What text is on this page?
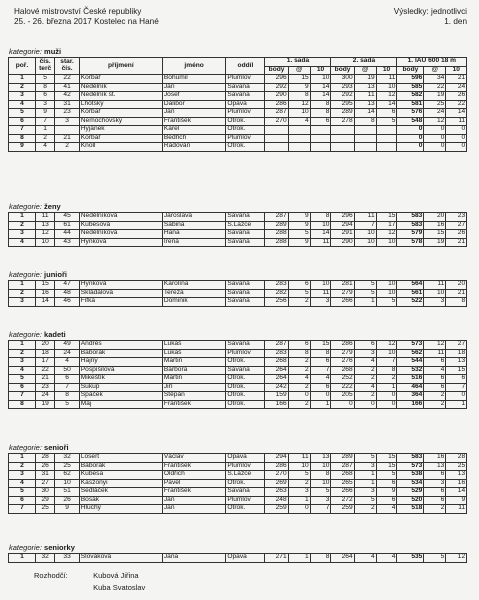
Halové mistrovství České republiky
25. - 26. března 2017 Kostelec na Hané
Výsledky: jednotlivci
1. den
kategorie: muži
poř.	čís. terč	star. čís.	příjmení	jméno	oddíl	1. sada			2. sada			1. IAU 600 18 m		
						body	@	10	body	@	10	body	@	10
1	5	22	Korbař	Bohumil	Plumlov	296	15	10	300	19	11	596	34	21
2	8	41	Nedělník	Jan	Savana	292	9	14	293	13	10	585	22	24
3	6	42	Nedělník st.	Josef	Savana	290	8	14	292	11	12	582	19	26
4	3	31	Lhotský	Dalibor	Opava	286	12	8	295	13	14	581	25	22
5	9	23	Korbař	Jan	Plumlov	287	10	8	289	14	6	576	24	14
6	7	3	Nemochovský	František	Otrok.	270	4	6	278	8	5	548	12	11
7	1		Hyjánek	Karel	Otrok.							0	0	0
8	2	21	Korbař	Bedřich	Plumlov							0	0	0
9	4	2	Knoll	Radovan	Otrok.							0	0	0
kategorie: ženy
1	11	45	Nedělníková	Jaroslava	Savana	287	9	8	296	11	15	583	20	23
2	13	61	Kubesová	Sabina	S.Lazce	289	9	10	294	7	17	583	16	27
3	12	44	Nedělníková	Hana	Savana	288	5	14	291	10	12	579	15	26
4	10	43	Hynková	Irena	Savana	288	9	11	290	10	10	578	19	21
kategorie: junioři
1	15	47	Hynková	Karolína	Savana	283	6	10	281	5	10	564	11	20
2	16	48	Skládalová	Tereza	Savana	282	5	11	279	5	10	561	10	21
3	14	46	Fifka	Dominik	Savana	256	2	3	266	1	5	522	3	8
kategorie: kadeti
1	20	49	Andrés	Lukáš	Savana	287	6	15	286	6	12	573	12	27
2	18	24	Baborák	Lukáš	Plumlov	283	8	8	279	3	10	562	11	18
3	17	4	Hajný	Martin	Otrok.	268	2	6	276	4	7	544	6	13
4	22	50	Pospíšilová	Barbora	Savana	264	2	7	268	2	8	532	4	15
5	21	6	Mikeštík	Martin	Otrok.	264	4	4	252	2	2	516	6	6
6	23	7	Sukup	Jiří	Otrok.	242	2	6	222	4	1	464	6	7
7	24	8	Špaček	Štěpán	Otrok.	159	0	0	205	2	0	364	2	0
8	19	5	Máj	František	Otrok.	166	2	1	0	0	0	166	2	1
kategorie: senioři
1	28	32	Losert	Václav	Opava	294	11	13	289	5	15	583	16	28
2	26	25	Baborák	František	Plumlov	286	10	10	287	3	15	573	13	25
3	31	62	Kubesa	Oldřich	S.Lazce	270	5	8	268	1	5	538	6	13
4	27	10	Kaszonyi	Pavel	Otrok.	269	2	10	265	1	6	534	3	16
5	30	51	Sedláček	František	Savana	263	3	5	266	3	9	529	6	14
6	29	26	Bosák	Jan	Plumlov	248	1	3	272	5	6	520	6	9
7	25	9	Hluchý	Jan	Otrok.	259	0	7	259	2	4	518	2	11
kategorie: seniorky
1	32	33	Slováková	Jana	Opava	271	1	8	264	4	4	535	5	12
Rozhodčí:	Kubová Jiřina
Kuba Svatoslav
